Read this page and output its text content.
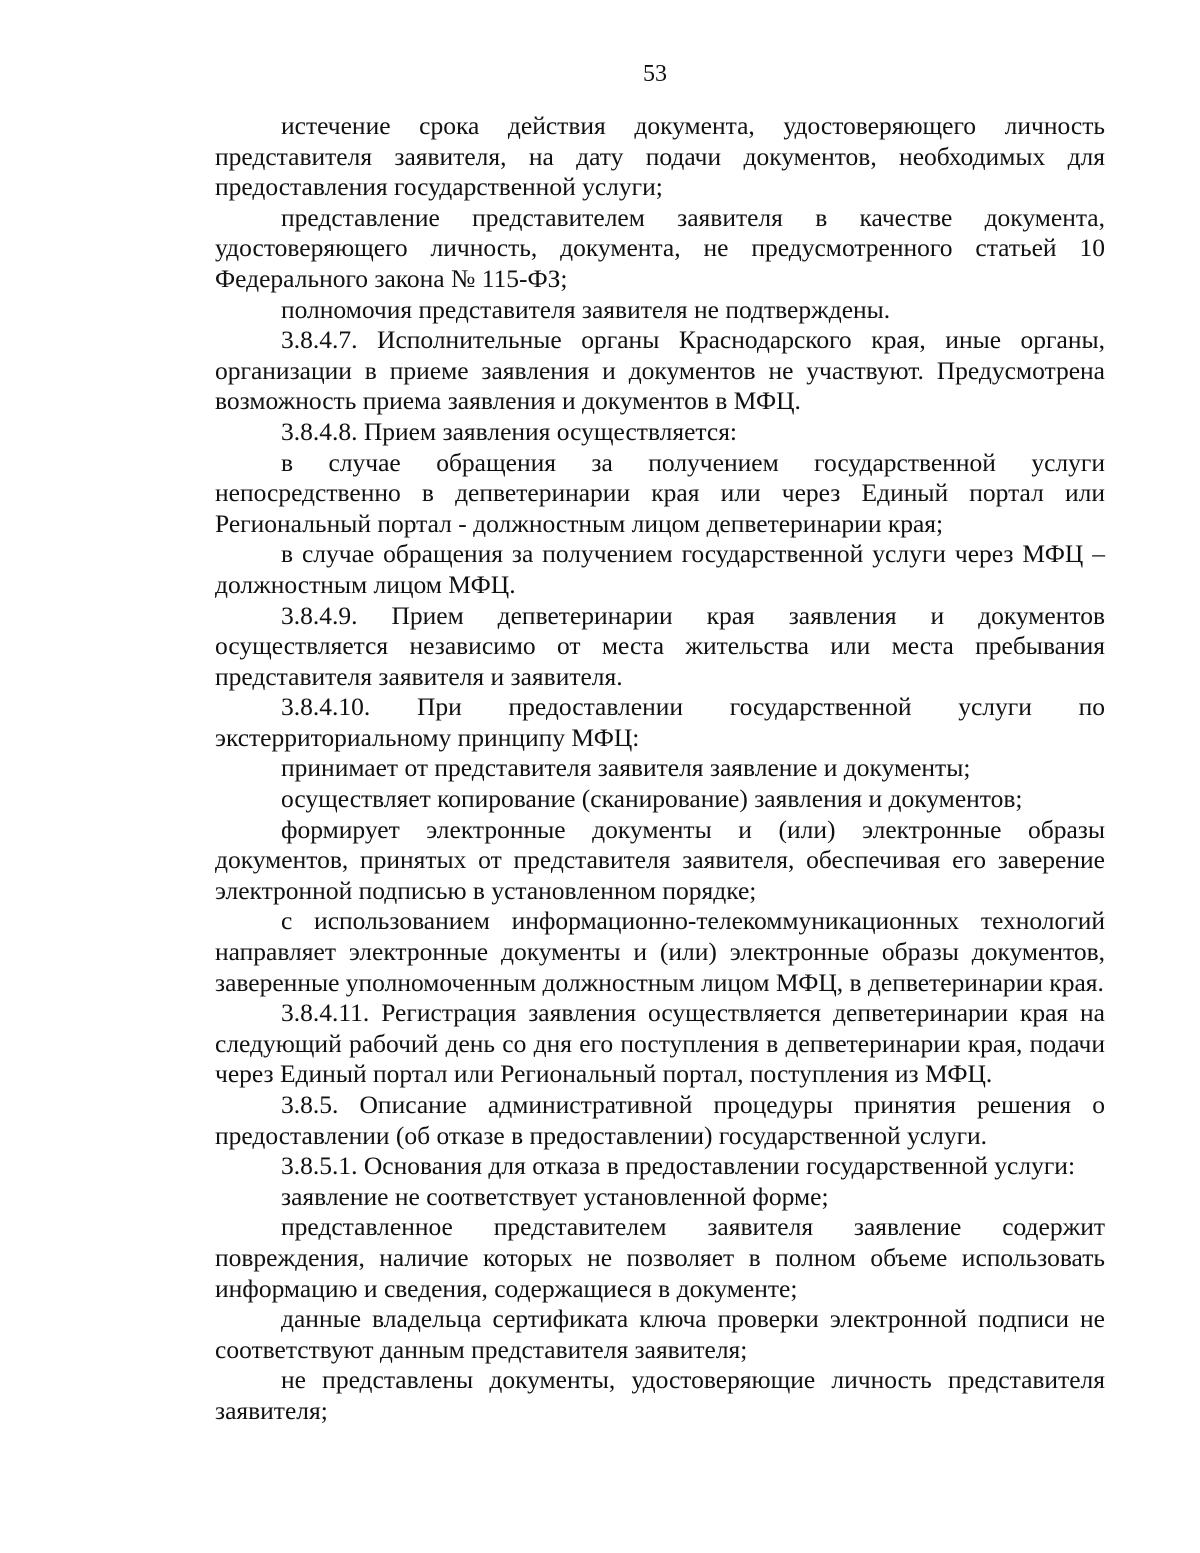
53

истечение срока действия документа, удостоверяющего личность представителя заявителя, на дату подачи документов, необходимых для предоставления государственной услуги;

представление представителем заявителя в качестве документа, удостоверяющего личность, документа, не предусмотренного статьей 10 Федерального закона № 115-ФЗ;

полномочия представителя заявителя не подтверждены.

3.8.4.7. Исполнительные органы Краснодарского края, иные органы, организации в приеме заявления и документов не участвуют. Предусмотрена возможность приема заявления и документов в МФЦ.

3.8.4.8. Прием заявления осуществляется:

в случае обращения за получением государственной услуги непосредственно в депветеринарии края или через Единый портал или Региональный портал - должностным лицом депветеринарии края;

в случае обращения за получением государственной услуги через МФЦ – должностным лицом МФЦ.

3.8.4.9. Прием депветеринарии края заявления и документов осуществляется независимо от места жительства или места пребывания представителя заявителя и заявителя.

3.8.4.10. При предоставлении государственной услуги по экстерриториальному принципу МФЦ:

принимает от представителя заявителя заявление и документы;

осуществляет копирование (сканирование) заявления и документов;

формирует электронные документы и (или) электронные образы документов, принятых от представителя заявителя, обеспечивая его заверение электронной подписью в установленном порядке;

с использованием информационно-телекоммуникационных технологий направляет электронные документы и (или) электронные образы документов, заверенные уполномоченным должностным лицом МФЦ, в депветеринарии края.

3.8.4.11. Регистрация заявления осуществляется депветеринарии края на следующий рабочий день со дня его поступления в депветеринарии края, подачи через Единый портал или Региональный портал, поступления из МФЦ.

3.8.5. Описание административной процедуры принятия решения о предоставлении (об отказе в предоставлении) государственной услуги.

3.8.5.1. Основания для отказа в предоставлении государственной услуги:

заявление не соответствует установленной форме;

представленное представителем заявителя заявление содержит повреждения, наличие которых не позволяет в полном объеме использовать информацию и сведения, содержащиеся в документе;

данные владельца сертификата ключа проверки электронной подписи не соответствуют данным представителя заявителя;

не представлены документы, удостоверяющие личность представителя заявителя;
